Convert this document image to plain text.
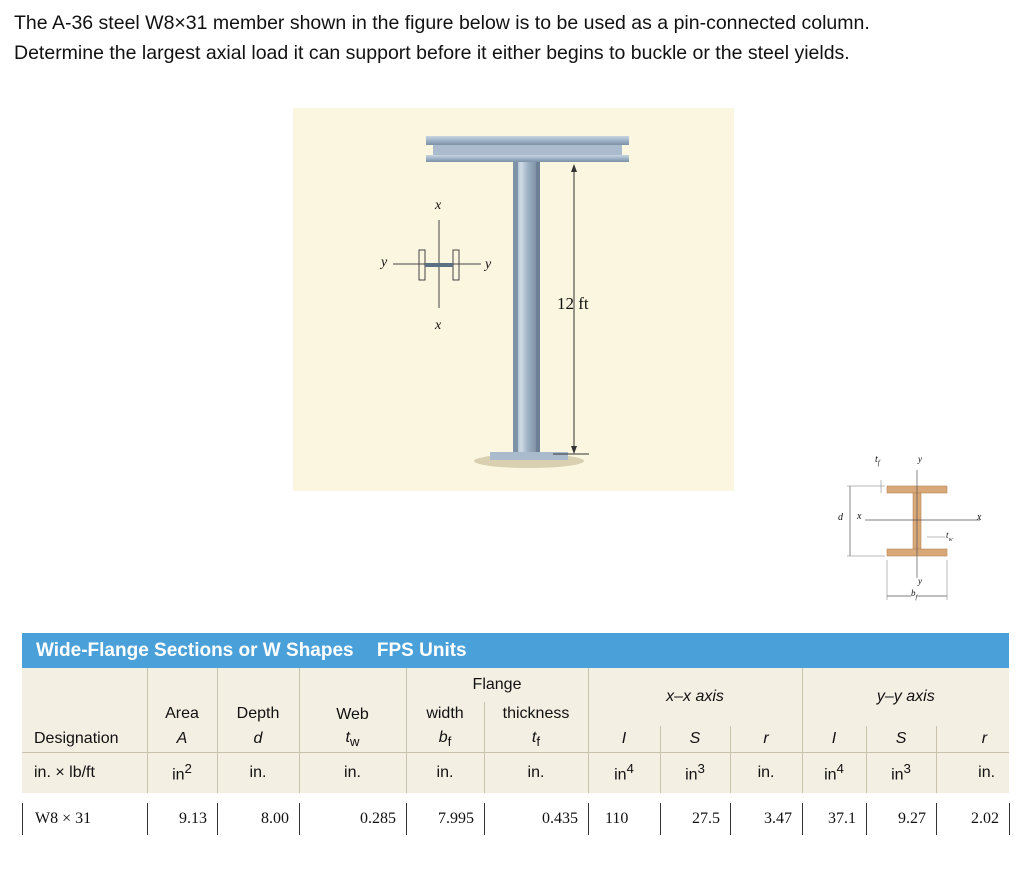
The A-36 steel W8×31 member shown in the figure below is to be used as a pin-connected column.

Determine the largest axial load it can support before it either begins to buckle or the steel yields.

12 ft
x
x
y	y
d x	x
$t_f$	y
$t_w$
y
$b_f$
Wide-Flange Sections or W Shapes FPS Units
			Web	Flange		x–x axis			y–y axis		
	Area	Depth		width	thickness						
Designation	A	d	$t_w$	$b_f$	$t_f$	I	S	r	I	S	r
in. × lb/ft	$in^2$	in.	in.	in.	in.	$in^4$	$in^3$	in.	$in^4$	$in^3$	in.
W8 × 31	9.13	8.00	0.285	7.995	0.435	110	27.5	3.47	37.1	9.27	2.02
